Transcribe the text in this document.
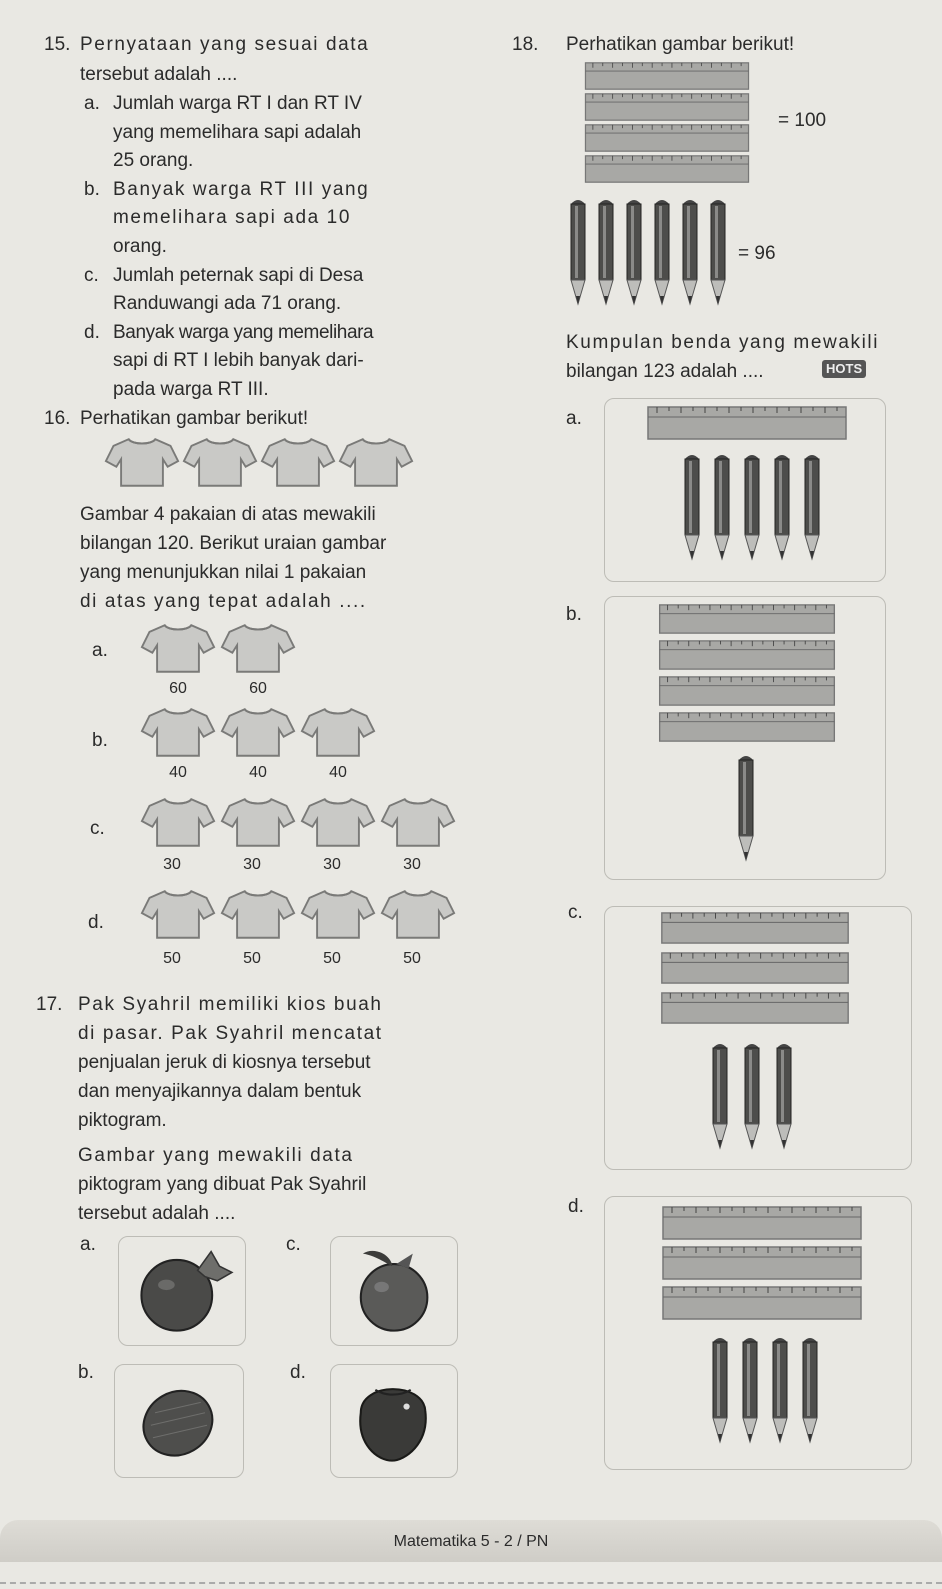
15. Pernyataan yang sesuai data
tersebut adalah ....
a. Jumlah warga RT I dan RT IV
yang memelihara sapi adalah
25 orang.
b. Banyak warga RT III yang
memelihara sapi ada 10
orang.
c. Jumlah peternak sapi di Desa
Randuwangi ada 71 orang.
d. Banyak warga yang memelihara
sapi di RT I lebih banyak dari-
pada warga RT III.
16. Perhatikan gambar berikut!
Gambar 4 pakaian di atas mewakili
bilangan 120. Berikut uraian gambar
yang menunjukkan nilai 1 pakaian
di atas yang tepat adalah ....
a.
60	60
b.
40	40	40
c.
30	30	30	30
d.
50	50	50	50
17. Pak Syahril memiliki kios buah
di pasar. Pak Syahril mencatat
penjualan jeruk di kiosnya tersebut
dan menyajikannya dalam bentuk
piktogram.
Gambar yang mewakili data
piktogram yang dibuat Pak Syahril
tersebut adalah ....
a.	c.
b.	d.
18. Perhatikan gambar berikut!
= 100
= 96
Kumpulan benda yang mewakili
bilangan 123 adalah ....	HOTS
a.
b.
c.
d.
Matematika 5 - 2 / PN
